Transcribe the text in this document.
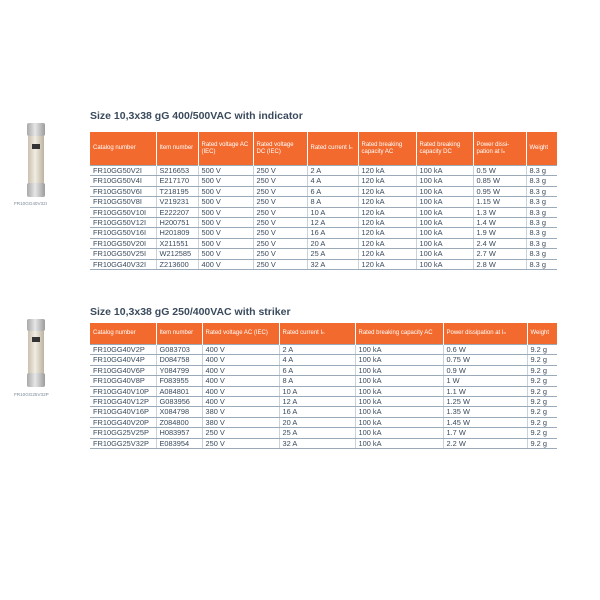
FR10GG40V32I
FR10GG25V32P
Size 10,3x38 gG 400/500VAC with indicator
Catalog number	Item number	Rated voltage AC (IEC)	Rated voltage DC (IEC)	Rated current Iₙ	Rated breaking capacity AC	Rated breaking capacity DC	Power dissi-pation at Iₙ	Weight
FR10GG50V2I	S216653	500 V	250 V	2 A	120 kA	100 kA	0.5 W	8.3 g
FR10GG50V4I	E217170	500 V	250 V	4 A	120 kA	100 kA	0.85 W	8.3 g
FR10GG50V6I	T218195	500 V	250 V	6 A	120 kA	100 kA	0.95 W	8.3 g
FR10GG50V8I	V219231	500 V	250 V	8 A	120 kA	100 kA	1.15 W	8.3 g
FR10GG50V10I	E222207	500 V	250 V	10 A	120 kA	100 kA	1.3 W	8.3 g
FR10GG50V12I	H200751	500 V	250 V	12 A	120 kA	100 kA	1.4 W	8.3 g
FR10GG50V16I	H201809	500 V	250 V	16 A	120 kA	100 kA	1.9 W	8.3 g
FR10GG50V20I	X211551	500 V	250 V	20 A	120 kA	100 kA	2.4 W	8.3 g
FR10GG50V25I	W212585	500 V	250 V	25 A	120 kA	100 kA	2.7 W	8.3 g
FR10GG40V32I	Z213600	400 V	250 V	32 A	120 kA	100 kA	2.8 W	8.3 g
Size 10,3x38 gG 250/400VAC with striker
Catalog number	Item number	Rated voltage AC (IEC)	Rated current Iₙ	Rated breaking capacity AC	Power dissipation at Iₙ	Weight
FR10GG40V2P	G083703	400 V	2 A	100 kA	0.6 W	9.2 g
FR10GG40V4P	D084758	400 V	4 A	100 kA	0.75 W	9.2 g
FR10GG40V6P	Y084799	400 V	6 A	100 kA	0.9 W	9.2 g
FR10GG40V8P	F083955	400 V	8 A	100 kA	1 W	9.2 g
FR10GG40V10P	A084801	400 V	10 A	100 kA	1.1 W	9.2 g
FR10GG40V12P	G083956	400 V	12 A	100 kA	1.25 W	9.2 g
FR10GG40V16P	X084798	380 V	16 A	100 kA	1.35 W	9.2 g
FR10GG40V20P	Z084800	380 V	20 A	100 kA	1.45 W	9.2 g
FR10GG25V25P	H083957	250 V	25 A	100 kA	1.7 W	9.2 g
FR10GG25V32P	E083954	250 V	32 A	100 kA	2.2 W	9.2 g
